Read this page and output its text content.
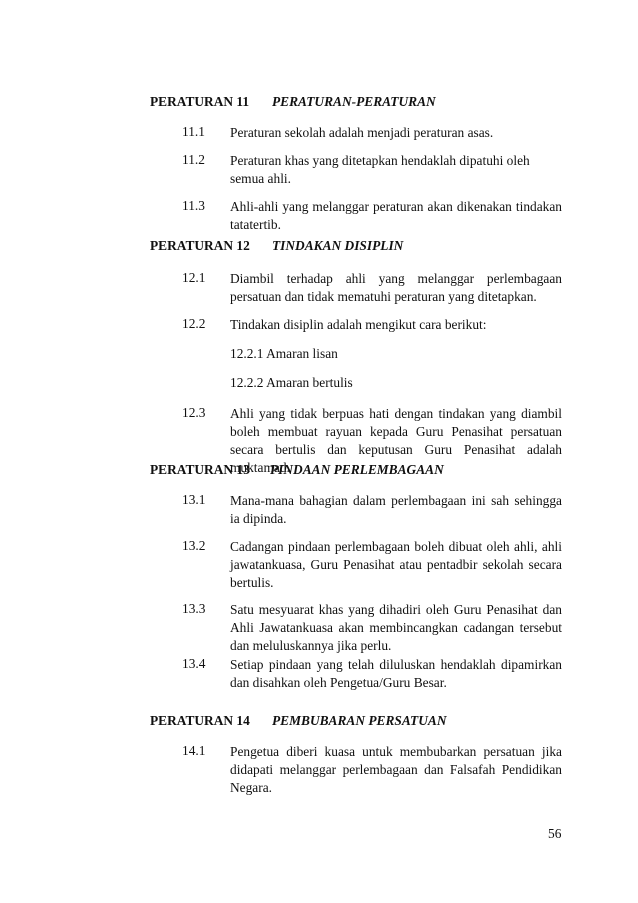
PERATURAN 11 PERATURAN-PERATURAN
11.1 Peraturan sekolah adalah menjadi peraturan asas.
11.2 Peraturan khas yang ditetapkan hendaklah dipatuhi oleh semua ahli.
11.3 Ahli-ahli yang melanggar peraturan akan dikenakan tindakan tatatertib.
PERATURAN 12 TINDAKAN DISIPLIN
12.1 Diambil terhadap ahli yang melanggar perlembagaan persatuan dan tidak mematuhi peraturan yang ditetapkan.
12.2 Tindakan disiplin adalah mengikut cara berikut:
12.2.1 Amaran lisan
12.2.2 Amaran bertulis
12.3 Ahli yang tidak berpuas hati dengan tindakan yang diambil boleh membuat rayuan kepada Guru Penasihat persatuan secara bertulis dan keputusan Guru Penasihat adalah muktamad.
PERATURAN 13 PINDAAN PERLEMBAGAAN
13.1 Mana-mana bahagian dalam perlembagaan ini sah sehingga ia dipinda.
13.2 Cadangan pindaan perlembagaan boleh dibuat oleh ahli, ahli jawatankuasa, Guru Penasihat atau pentadbir sekolah secara bertulis.
13.3 Satu mesyuarat khas yang dihadiri oleh Guru Penasihat dan Ahli Jawatankuasa akan membincangkan cadangan tersebut dan meluluskannya jika perlu.
13.4 Setiap pindaan yang telah diluluskan hendaklah dipamirkan dan disahkan oleh Pengetua/Guru Besar.
PERATURAN 14 PEMBUBARAN PERSATUAN
14.1 Pengetua diberi kuasa untuk membubarkan persatuan jika didapati melanggar perlembagaan dan Falsafah Pendidikan Negara.
56
